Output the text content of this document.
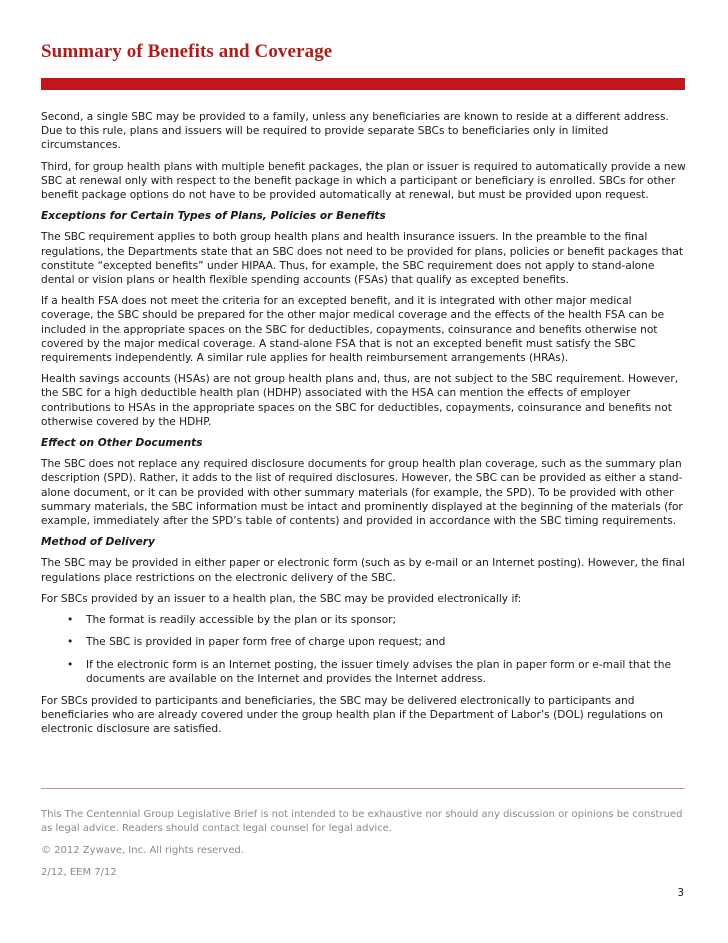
Summary of Benefits and Coverage

Second, a single SBC may be provided to a family, unless any beneficiaries are known to reside at a different address. Due to this rule, plans and issuers will be required to provide separate SBCs to beneficiaries only in limited circumstances.

Third, for group health plans with multiple benefit packages, the plan or issuer is required to automatically provide a new SBC at renewal only with respect to the benefit package in which a participant or beneficiary is enrolled. SBCs for other benefit package options do not have to be provided automatically at renewal, but must be provided upon request.

Exceptions for Certain Types of Plans, Policies or Benefits

The SBC requirement applies to both group health plans and health insurance issuers. In the preamble to the final regulations, the Departments state that an SBC does not need to be provided for plans, policies or benefit packages that constitute “excepted benefits” under HIPAA. Thus, for example, the SBC requirement does not apply to stand-alone dental or vision plans or health flexible spending accounts (FSAs) that qualify as excepted benefits.

If a health FSA does not meet the criteria for an excepted benefit, and it is integrated with other major medical coverage, the SBC should be prepared for the other major medical coverage and the effects of the health FSA can be included in the appropriate spaces on the SBC for deductibles, copayments, coinsurance and benefits otherwise not covered by the major medical coverage. A stand-alone FSA that is not an excepted benefit must satisfy the SBC requirements independently. A similar rule applies for health reimbursement arrangements (HRAs).

Health savings accounts (HSAs) are not group health plans and, thus, are not subject to the SBC requirement. However, the SBC for a high deductible health plan (HDHP) associated with the HSA can mention the effects of employer contributions to HSAs in the appropriate spaces on the SBC for deductibles, copayments, coinsurance and benefits not otherwise covered by the HDHP.

Effect on Other Documents

The SBC does not replace any required disclosure documents for group health plan coverage, such as the summary plan description (SPD). Rather, it adds to the list of required disclosures. However, the SBC can be provided as either a stand-alone document, or it can be provided with other summary materials (for example, the SPD). To be provided with other summary materials, the SBC information must be intact and prominently displayed at the beginning of the materials (for example, immediately after the SPD’s table of contents) and provided in accordance with the SBC timing requirements.

Method of Delivery

The SBC may be provided in either paper or electronic form (such as by e-mail or an Internet posting). However, the final regulations place restrictions on the electronic delivery of the SBC.

For SBCs provided by an issuer to a health plan, the SBC may be provided electronically if:

• The format is readily accessible by the plan or its sponsor;
• The SBC is provided in paper form free of charge upon request; and
• If the electronic form is an Internet posting, the issuer timely advises the plan in paper form or e-mail that the documents are available on the Internet and provides the Internet address.

For SBCs provided to participants and beneficiaries, the SBC may be delivered electronically to participants and beneficiaries who are already covered under the group health plan if the Department of Labor’s (DOL) regulations on electronic disclosure are satisfied.

This The Centennial Group Legislative Brief is not intended to be exhaustive nor should any discussion or opinions be construed as legal advice. Readers should contact legal counsel for legal advice.

© 2012 Zywave, Inc. All rights reserved.

2/12, EEM 7/12

3
